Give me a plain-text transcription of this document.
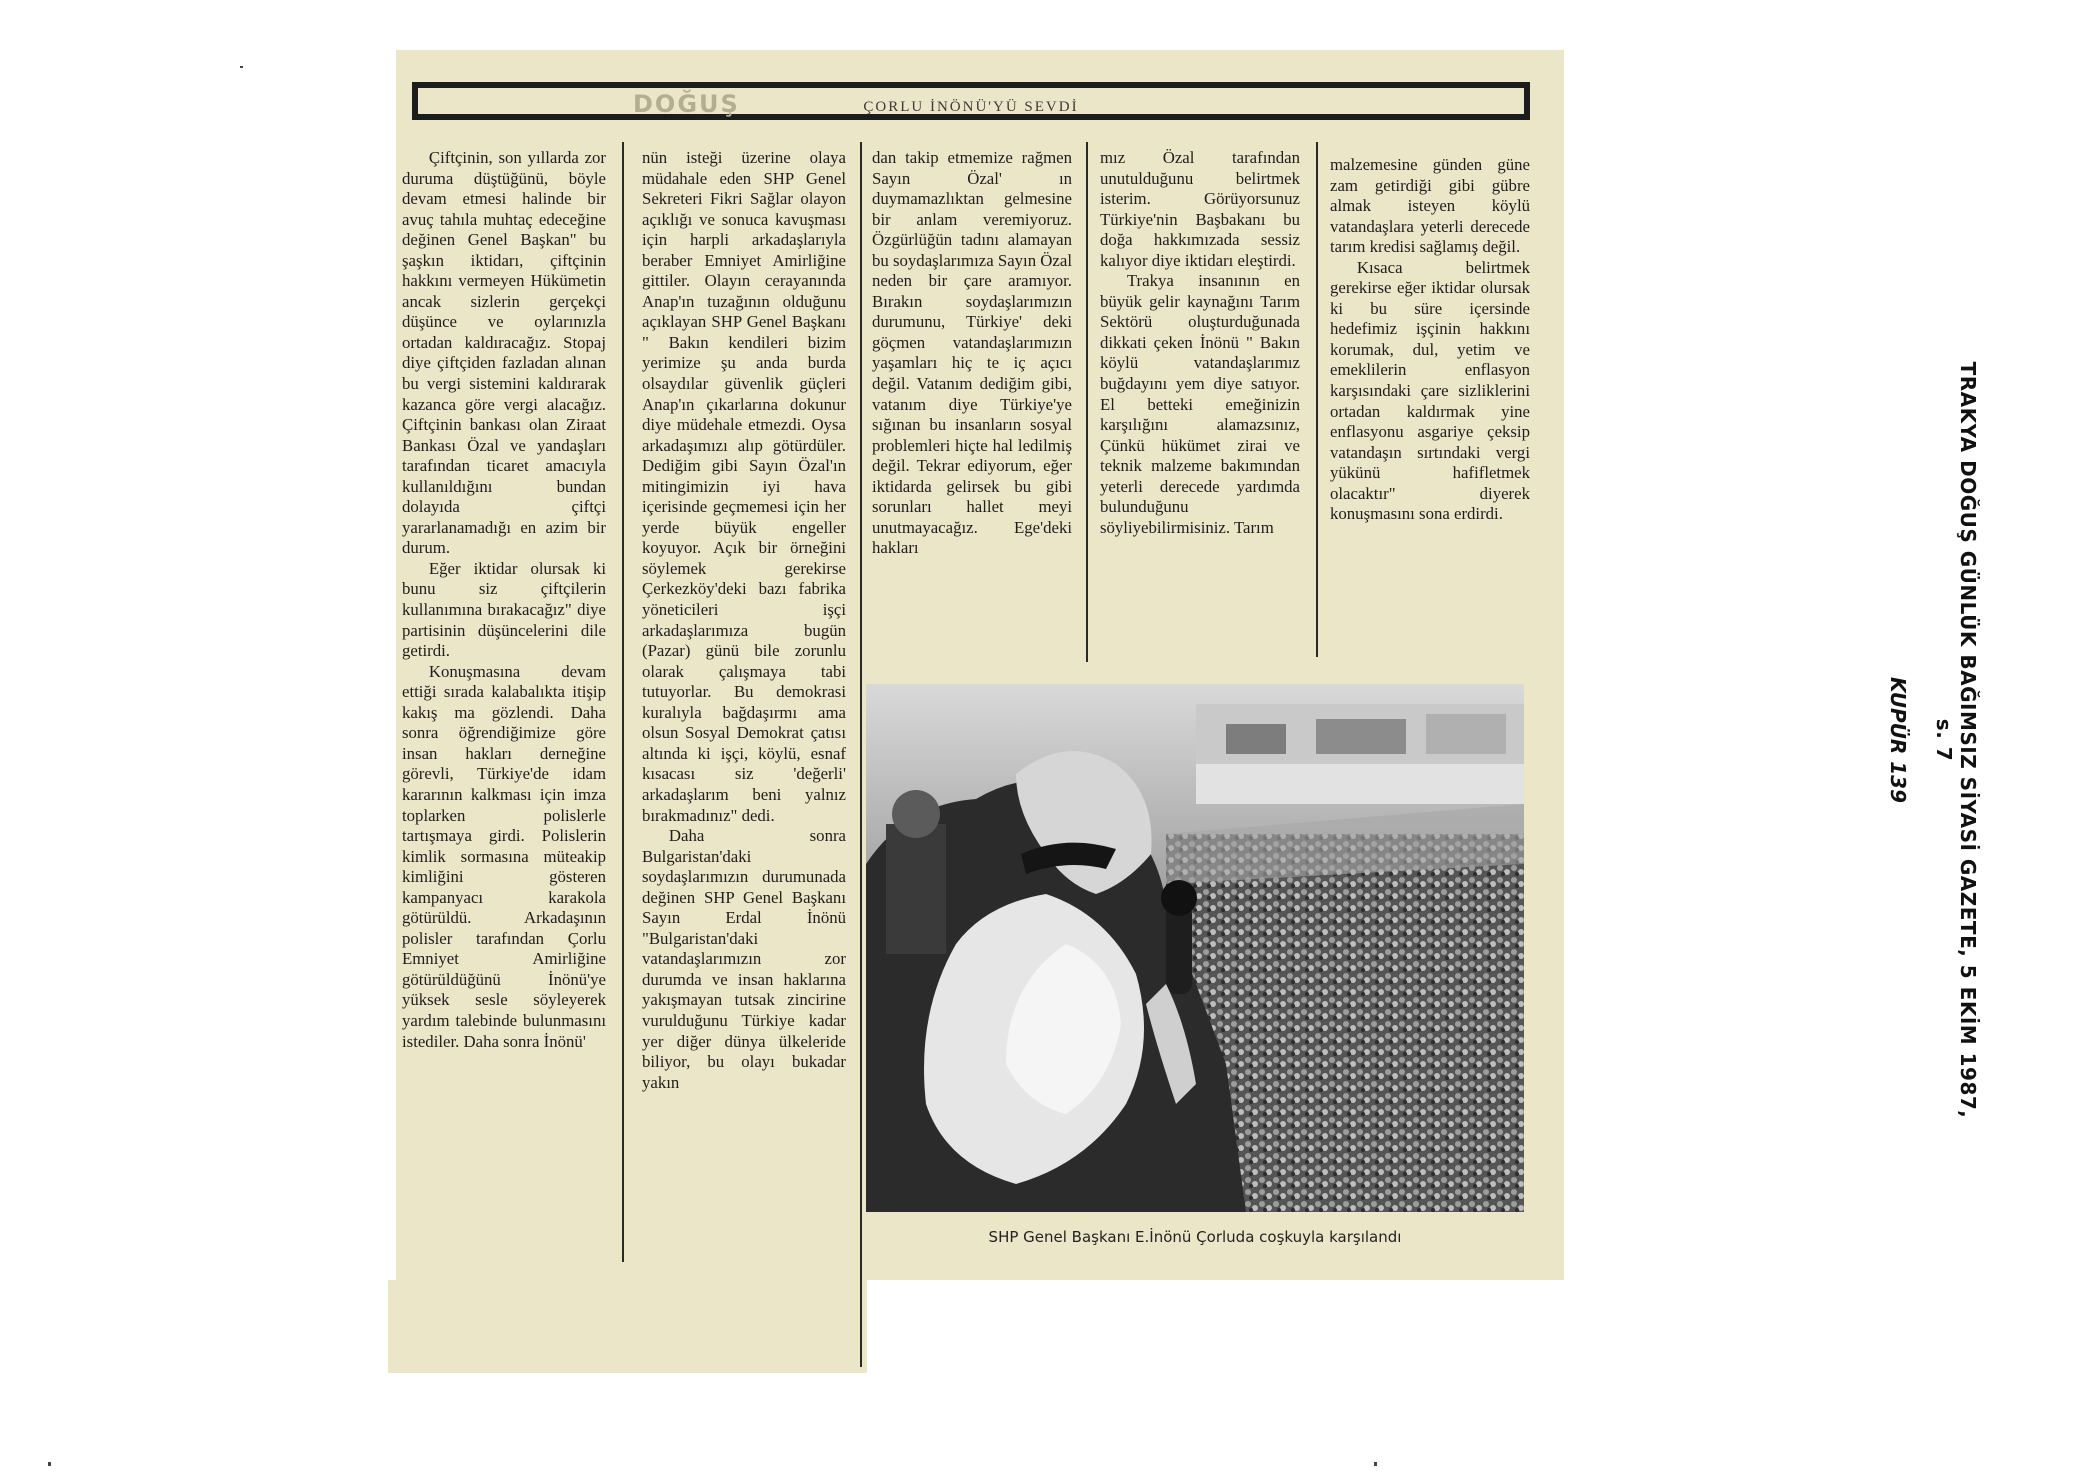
DOĞUŞ	ÇORLU İNÖNÜ'YÜ SEVDİ

Çiftçinin, son yıllarda zor duruma düştüğünü, böyle devam etmesi halinde bir avuç tahıla muhtaç edeceğine değinen Genel Başkan" bu şaşkın iktidarı, çiftçinin hakkını vermeyen Hükümetin ancak sizlerin gerçekçi düşünce ve oylarınızla ortadan kaldıracağız. Stopaj diye çiftçiden fazladan alınan bu vergi sistemini kaldırarak kazanca göre vergi alacağız. Çiftçinin bankası olan Ziraat Bankası Özal ve yandaşları tarafından ticaret amacıyla kullanıldığını bundan dolayıda çiftçi yararlanamadığı en azim bir durum.

Eğer iktidar olursak ki bunu siz çiftçilerin kullanımına bırakacağız" diye partisinin düşüncelerini dile getirdi.

Konuşmasına devam ettiği sırada kalabalıkta itişip kakış ma gözlendi. Daha sonra öğrendiğimize göre insan hakları derneğine görevli, Türkiye'de idam kararının kalkması için imza toplarken polislerle tartışmaya girdi. Polislerin kimlik sormasına müteakip kimliğini gösteren kampanyacı karakola götürüldü. Arkadaşının polisler tarafından Çorlu Emniyet Amirliğine götürüldüğünü İnönü'ye yüksek sesle söyleyerek yardım talebinde bulunmasını istediler. Daha sonra İnönü'

nün isteği üzerine olaya müdahale eden SHP Genel Sekreteri Fikri Sağlar olayon açıklığı ve sonuca kavuşması için harpli arkadaşlarıyla beraber Emniyet Amirliğine gittiler. Olayın cerayanında Anap'ın tuzağının olduğunu açıklayan SHP Genel Başkanı " Bakın kendileri bizim yerimize şu anda burda olsaydılar güvenlik güçleri Anap'ın çıkarlarına dokunur diye müdehale etmezdi. Oysa arkadaşımızı alıp götürdüler. Dediğim gibi Sayın Özal'ın mitingimizin iyi hava içerisinde geçmemesi için her yerde büyük engeller koyuyor. Açık bir örneğini söylemek gerekirse Çerkezköy'deki bazı fabrika yöneticileri işçi arkadaşlarımıza bugün (Pazar) günü bile zorunlu olarak çalışmaya tabi tutuyorlar. Bu demokrasi kuralıyla bağdaşırmı ama olsun Sosyal Demokrat çatısı altında ki işçi, köylü, esnaf kısacası siz 'değerli' arkadaşlarım beni yalnız bırakmadınız" dedi.

Daha sonra Bulgaristan'daki soydaşlarımızın durumunada değinen SHP Genel Başkanı Sayın Erdal İnönü "Bulgaristan'daki vatandaşlarımızın zor durumda ve insan haklarına yakışmayan tutsak zincirine vurulduğunu Türkiye kadar yer diğer dünya ülkeleride biliyor, bu olayı bukadar yakın

dan takip etmemize rağmen Sayın Özal' ın duymamazlıktan gelmesine bir anlam veremiyoruz. Özgürlüğün tadını alamayan bu soydaşlarımıza Sayın Özal neden bir çare aramıyor. Bırakın soydaşlarımızın durumunu, Türkiye' deki göçmen vatandaşlarımızın yaşamları hiç te iç açıcı değil. Vatanım dediğim gibi, vatanım diye Türkiye'ye sığınan bu insanların sosyal problemleri hiçte hal ledilmiş değil. Tekrar ediyorum, eğer iktidarda gelirsek bu gibi sorunları hallet meyi unutmayacağız. Ege'deki hakları

mız Özal tarafından unutulduğunu belirtmek isterim. Görüyorsunuz Türkiye'nin Başbakanı bu doğa hakkımızada sessiz kalıyor diye iktidarı eleştirdi.

Trakya insanının en büyük gelir kaynağını Tarım Sektörü oluşturduğunada dikkati çeken İnönü " Bakın köylü vatandaşlarımız buğdayını yem diye satıyor. El betteki emeğinizin karşılığını alamazsınız, Çünkü hükümet zirai ve teknik malzeme bakımından yeterli derecede yardımda bulunduğunu söyliyebilirmisiniz. Tarım

malzemesine günden güne zam getirdiği gibi gübre almak isteyen köylü vatandaşlara yeterli derecede tarım kredisi sağlamış değil.

Kısaca belirtmek gerekirse eğer iktidar olursak ki bu süre içersinde hedefimiz işçinin hakkını korumak, dul, yetim ve emeklilerin enflasyon karşısındaki çare sizliklerini ortadan kaldırmak yine enflasyonu asgariye çeksip vatandaşın sırtındaki vergi yükünü hafifletmek olacaktır" diyerek konuşmasını sona erdirdi.

SHP Genel Başkanı E.İnönü Çorluda coşkuyla karşılandı
TRAKYA DOĞUŞ GÜNLÜK BAĞIMSIZ SİYASİ GAZETE, 5 EKİM 1987, s. 7
KUPÜR 139
